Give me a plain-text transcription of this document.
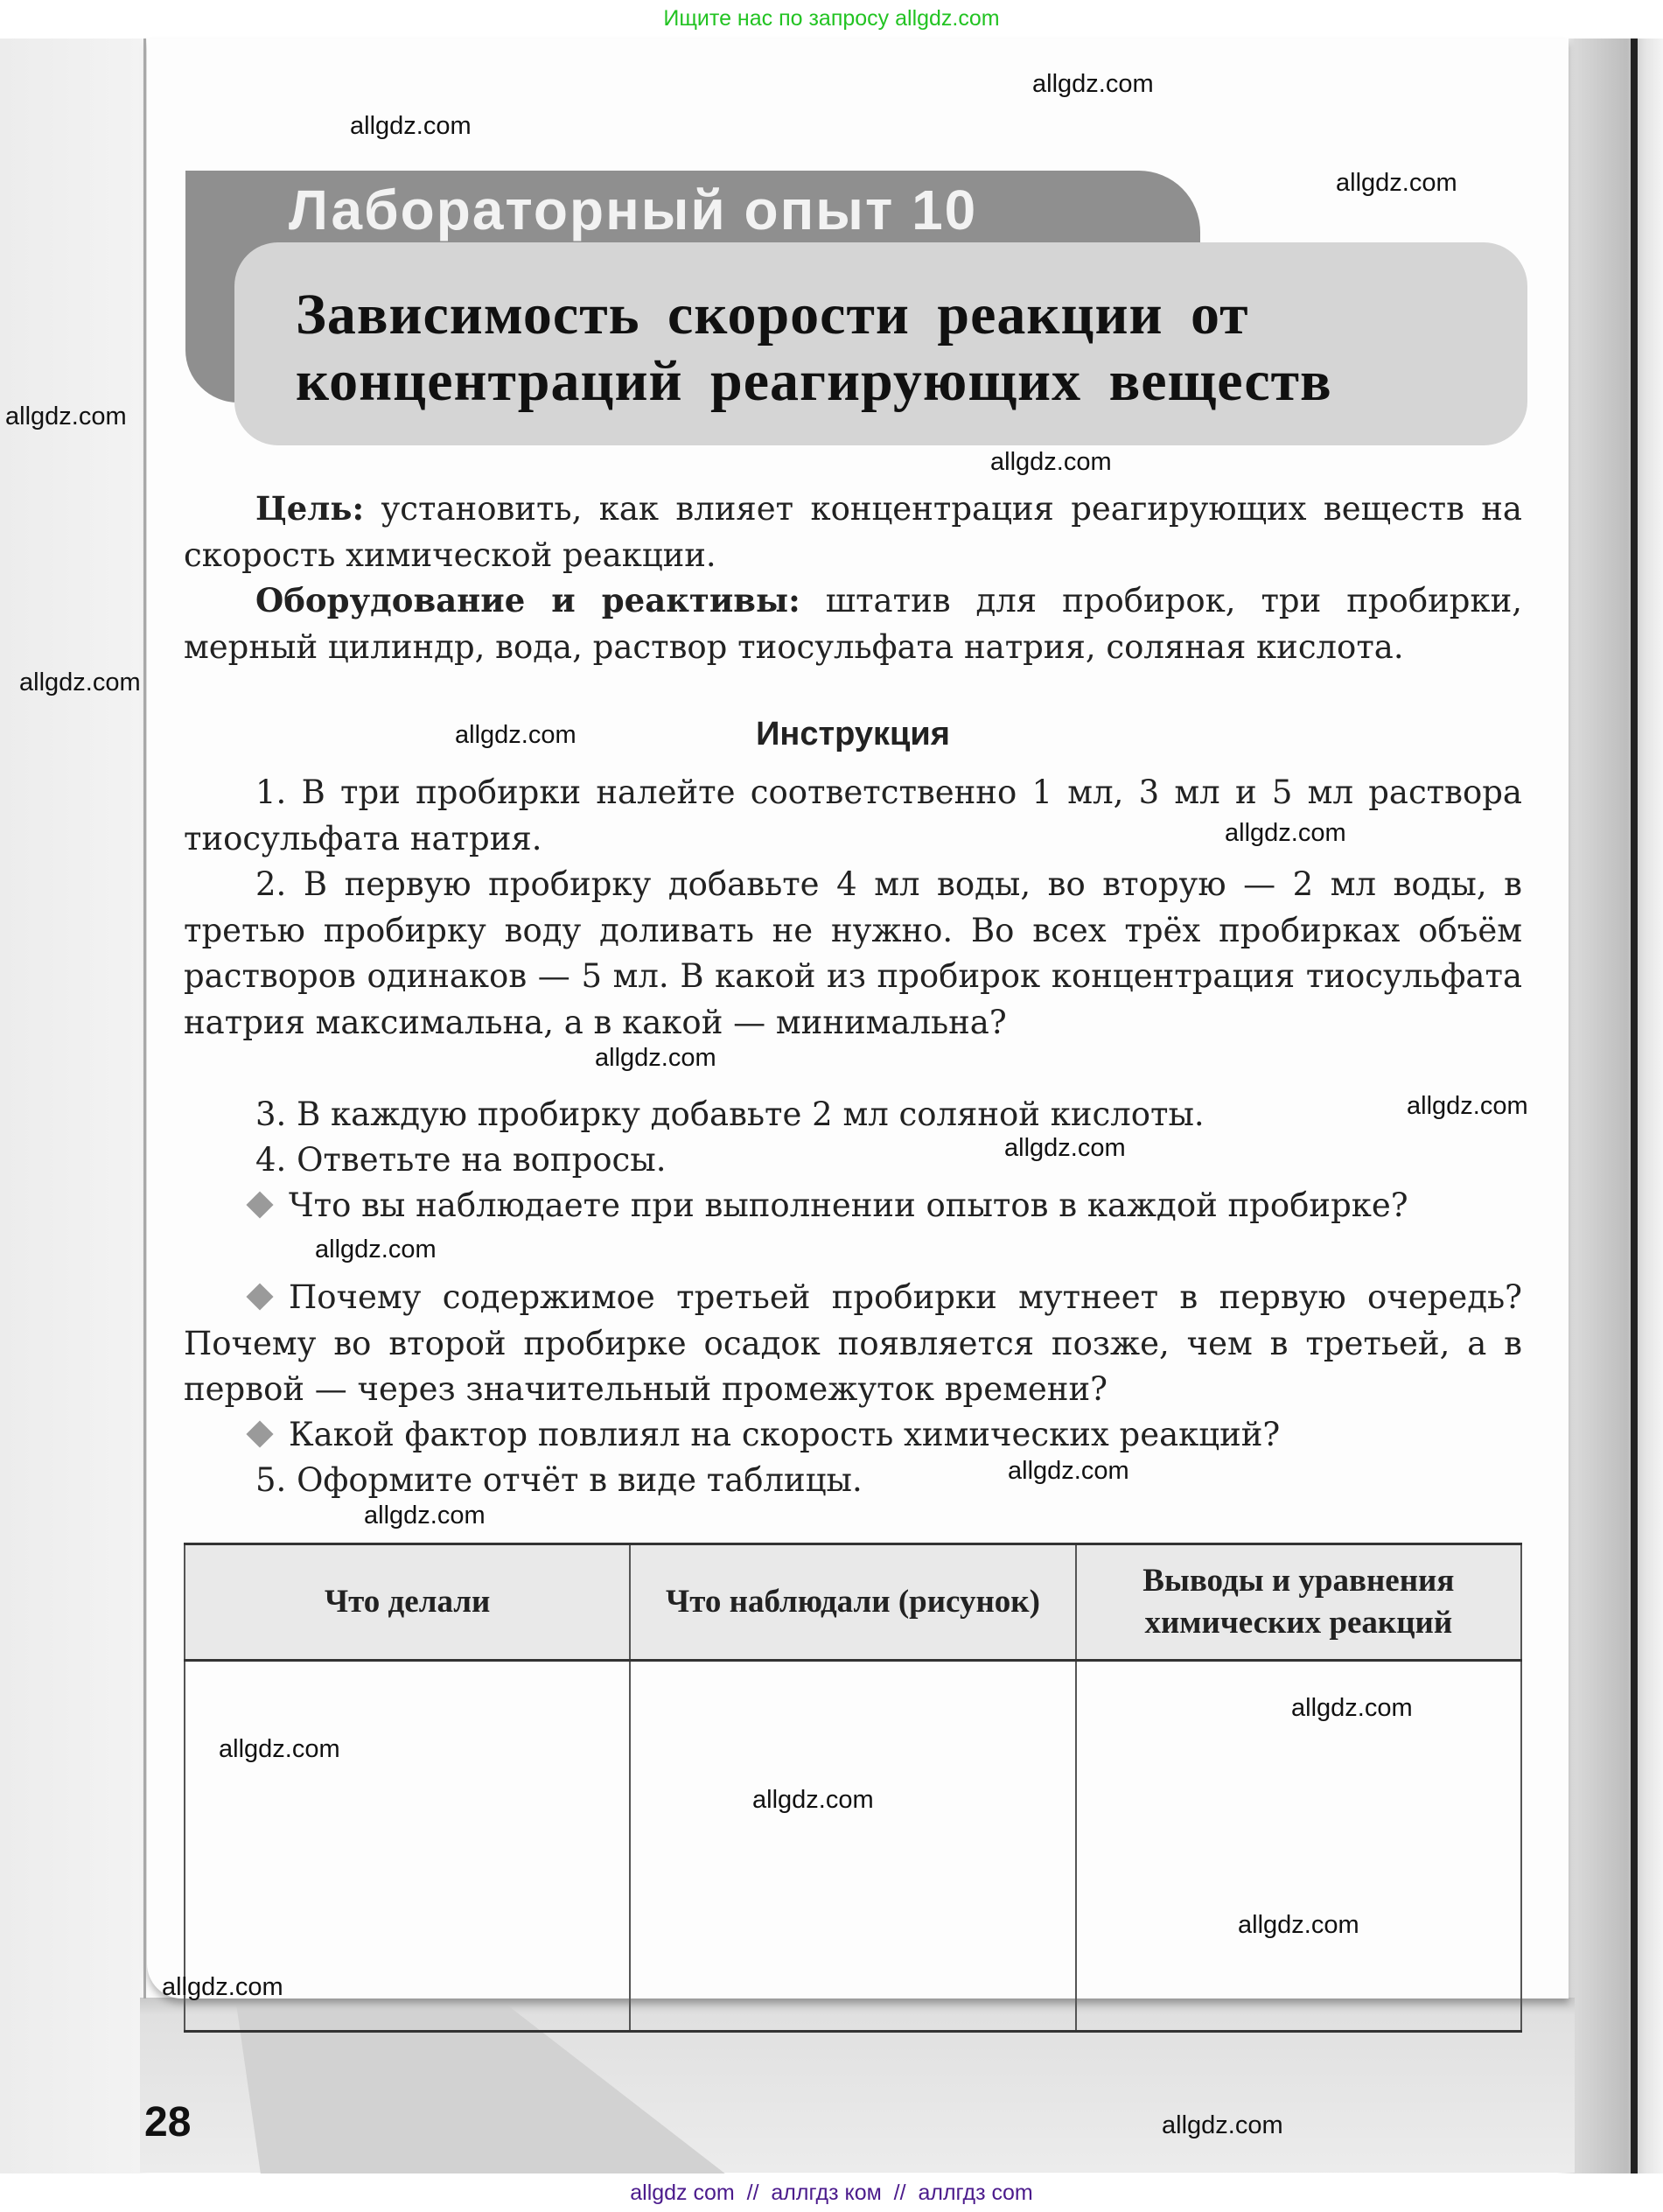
Ищите нас по запросу allgdz.com
Лабораторный опыт 10
Зависимость скорости реакции от
концентраций реагирующих веществ
Цель: установить, как влияет концентрация реагирующих веществ на скорость химической реакции.
Оборудование и реактивы: штатив для пробирок, три пробирки, мерный цилиндр, вода, раствор тиосульфата натрия, соляная кислота.
Инструкция
1. В три пробирки налейте соответственно 1 мл, 3 мл и 5 мл раствора тиосульфата натрия.
2. В первую пробирку добавьте 4 мл воды, во вторую — 2 мл воды, в третью пробирку воду доливать не нужно. Во всех трёх пробирках объём растворов одинаков — 5 мл. В какой из пробирок концентрация тиосульфата натрия максимальна, а в какой — минимальна?
3. В каждую пробирку добавьте 2 мл соляной кислоты.
4. Ответьте на вопросы.
Что вы наблюдаете при выполнении опытов в каждой пробирке?
Почему содержимое третьей пробирки мутнеет в первую очередь? Почему во второй пробирке осадок появляется позже, чем в третьей, а в первой — через значительный промежуток времени?
Какой фактор повлиял на скорость химических реакций?
5. Оформите отчёт в виде таблицы.
Что делали	Что наблюдали (рисунок)	Выводы и уравнения химических реакций

28
allgdz.com
allgdz.com
allgdz.com
allgdz.com
allgdz.com
allgdz.com
allgdz.com
allgdz.com
allgdz.com
allgdz.com
allgdz.com
allgdz.com
allgdz.com
allgdz.com
allgdz.com
allgdz.com
allgdz.com
allgdz.com
allgdz.com
allgdz.com
allgdz com  //  аллгдз ком  //  аллгдз com
